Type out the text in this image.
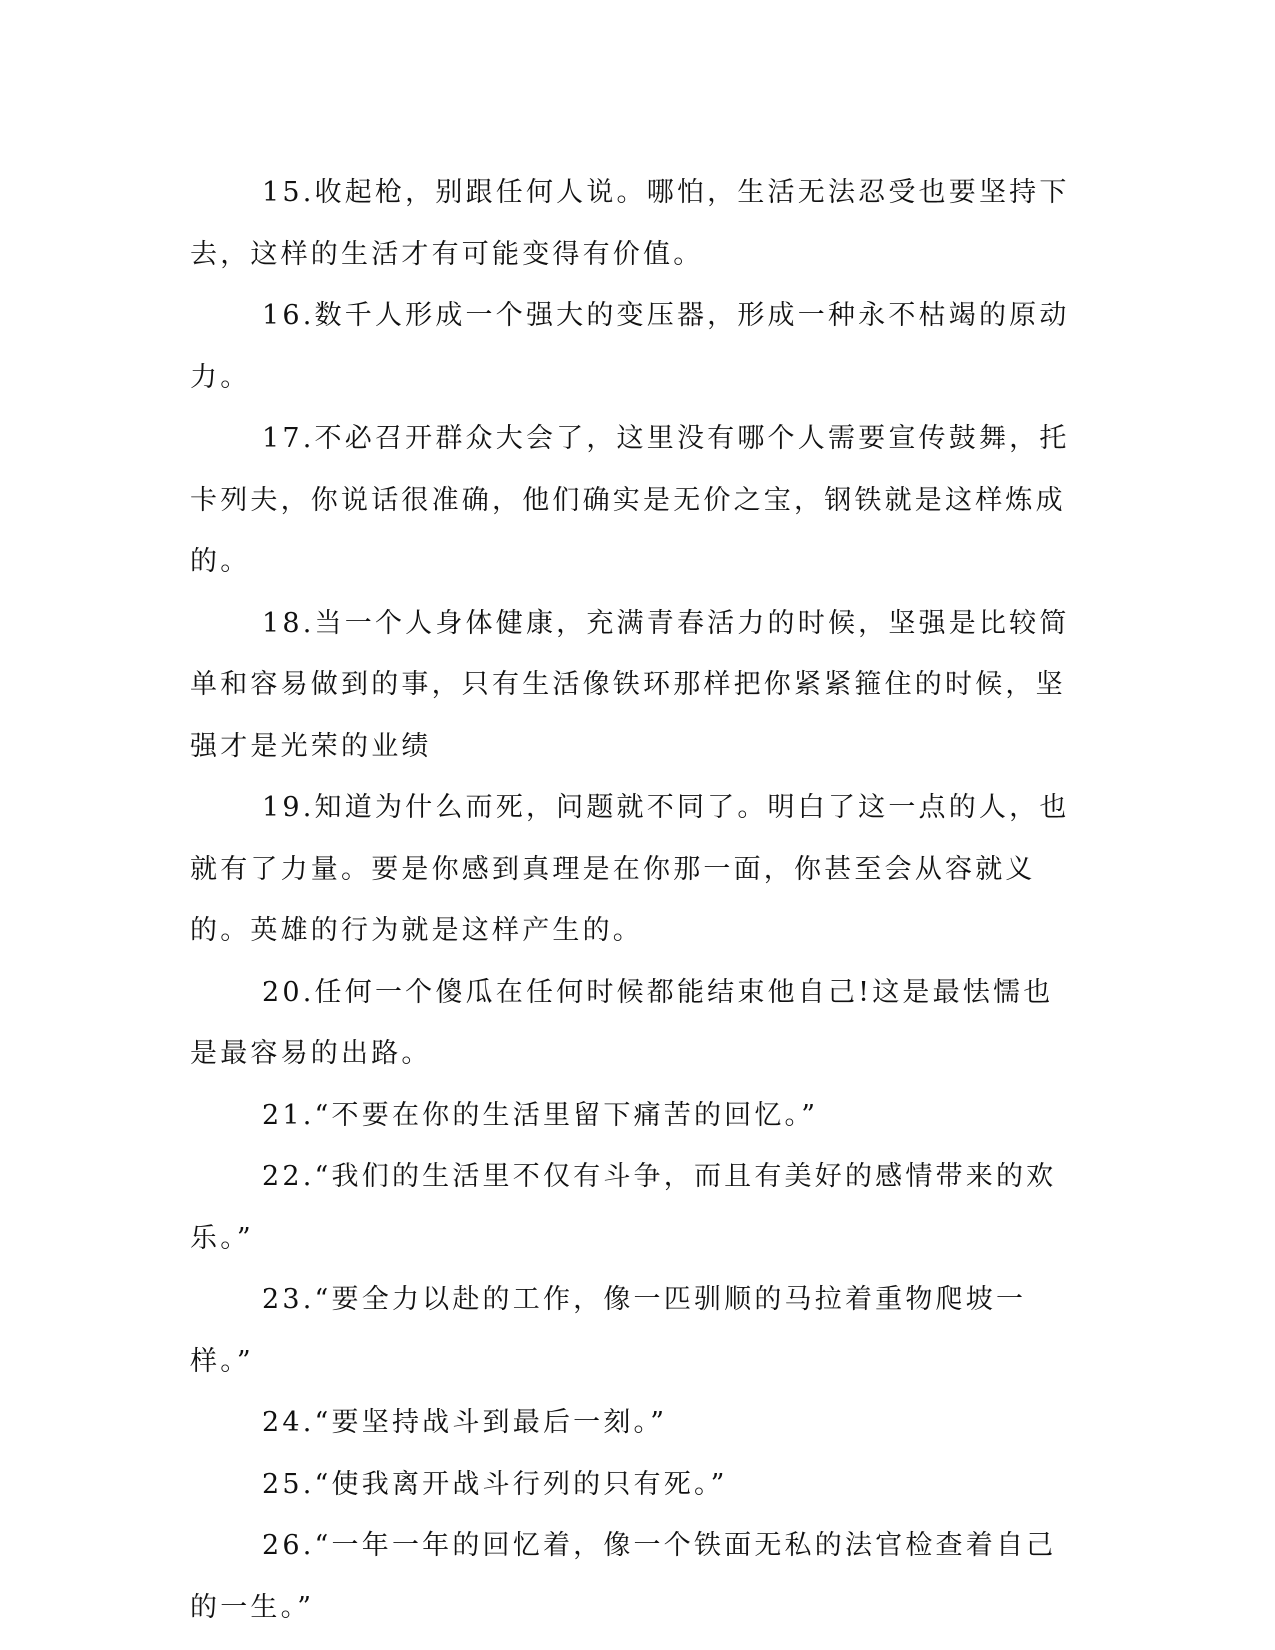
15.收起枪，别跟任何人说。哪怕，生活无法忍受也要坚持下去，这样的生活才有可能变得有价值。

16.数千人形成一个强大的变压器，形成一种永不枯竭的原动力。

17.不必召开群众大会了，这里没有哪个人需要宣传鼓舞，托卡列夫，你说话很准确，他们确实是无价之宝，钢铁就是这样炼成的。

18.当一个人身体健康，充满青春活力的时候，坚强是比较简单和容易做到的事，只有生活像铁环那样把你紧紧箍住的时候，坚强才是光荣的业绩

19.知道为什么而死，问题就不同了。明白了这一点的人，也就有了力量。要是你感到真理是在你那一面，你甚至会从容就义的。英雄的行为就是这样产生的。

20.任何一个傻瓜在任何时候都能结束他自己!这是最怯懦也是最容易的出路。

21.“不要在你的生活里留下痛苦的回忆。”

22.“我们的生活里不仅有斗争，而且有美好的感情带来的欢乐。”

23.“要全力以赴的工作，像一匹驯顺的马拉着重物爬坡一样。”

24.“要坚持战斗到最后一刻。”

25.“使我离开战斗行列的只有死。”

26.“一年一年的回忆着，像一个铁面无私的法官检查着自己的一生。”
